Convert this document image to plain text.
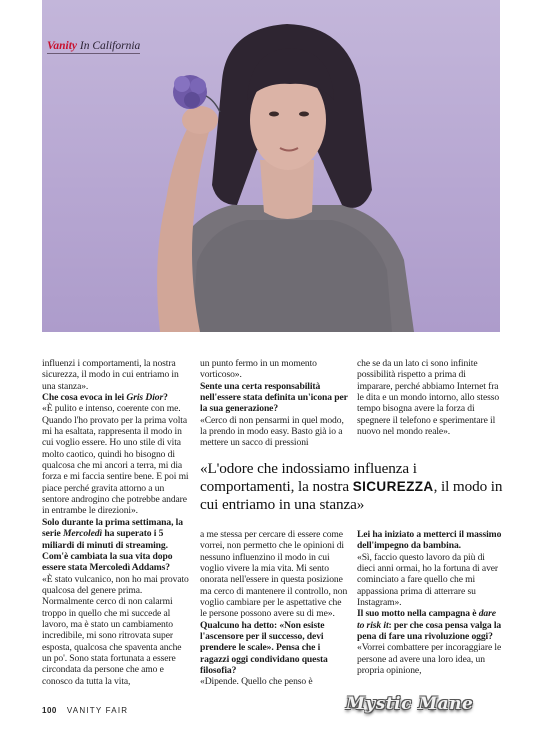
Vanity In California

influenzi i comportamenti, la nostra sicurezza, il modo in cui entriamo in una stanza».

Che cosa evoca in lei Gris Dior?

«È pulito e intenso, coerente con me. Quando l'ho provato per la prima volta mi ha esaltata, rappresenta il modo in cui voglio essere. Ho uno stile di vita molto caotico, quindi ho bisogno di qualcosa che mi ancori a terra, mi dia forza e mi faccia sentire bene. E poi mi piace perché gravita attorno a un sentore androgino che potrebbe andare in entrambe le direzioni».

Solo durante la prima settimana, la serie Mercoledì ha superato i 5 miliardi di minuti di streaming. Com'è cambiata la sua vita dopo essere stata Mercoledì Addams?

«È stato vulcanico, non ho mai provato qualcosa del genere prima. Normalmente cerco di non calarmi troppo in quello che mi succede al lavoro, ma è stato un cambiamento incredibile, mi sono ritrovata super esposta, qualcosa che spaventa anche un po'. Sono stata fortunata a essere circondata da persone che amo e conosco da tutta la vita,

un punto fermo in un momento vorticoso».

Sente una certa responsabilità nell'essere stata definita un'icona per la sua generazione?

«Cerco di non pensarmi in quel modo, la prendo in modo easy. Basto già io a mettere un sacco di pressioni

che se da un lato ci sono infinite possibilità rispetto a prima di imparare, perché abbiamo Internet fra le dita e un mondo intorno, allo stesso tempo bisogna avere la forza di spegnere il telefono e sperimentare il nuovo nel mondo reale».

«L'odore che indossiamo influenza i comportamenti, la nostra SICUREZZA, il modo in cui entriamo in una stanza»

a me stessa per cercare di essere come vorrei, non permetto che le opinioni di nessuno influenzino il modo in cui voglio vivere la mia vita. Mi sento onorata nell'essere in questa posizione ma cerco di mantenere il controllo, non voglio cambiare per le aspettative che le persone possono avere su di me».

Qualcuno ha detto: «Non esiste l'ascensore per il successo, devi prendere le scale». Pensa che i ragazzi oggi condividano questa filosofia?

«Dipende. Quello che penso è

Lei ha iniziato a metterci il massimo dell'impegno da bambina.

«Sì, faccio questo lavoro da più di dieci anni ormai, ho la fortuna di aver cominciato a fare quello che mi appassiona prima di atterrare su Instagram».

Il suo motto nella campagna è dare to risk it: per che cosa pensa valga la pena di fare una rivoluzione oggi?

«Vorrei combattere per incoraggiare le persone ad avere una loro idea, un propria opinione,

100 VANITY FAIR	Mystic Mane
